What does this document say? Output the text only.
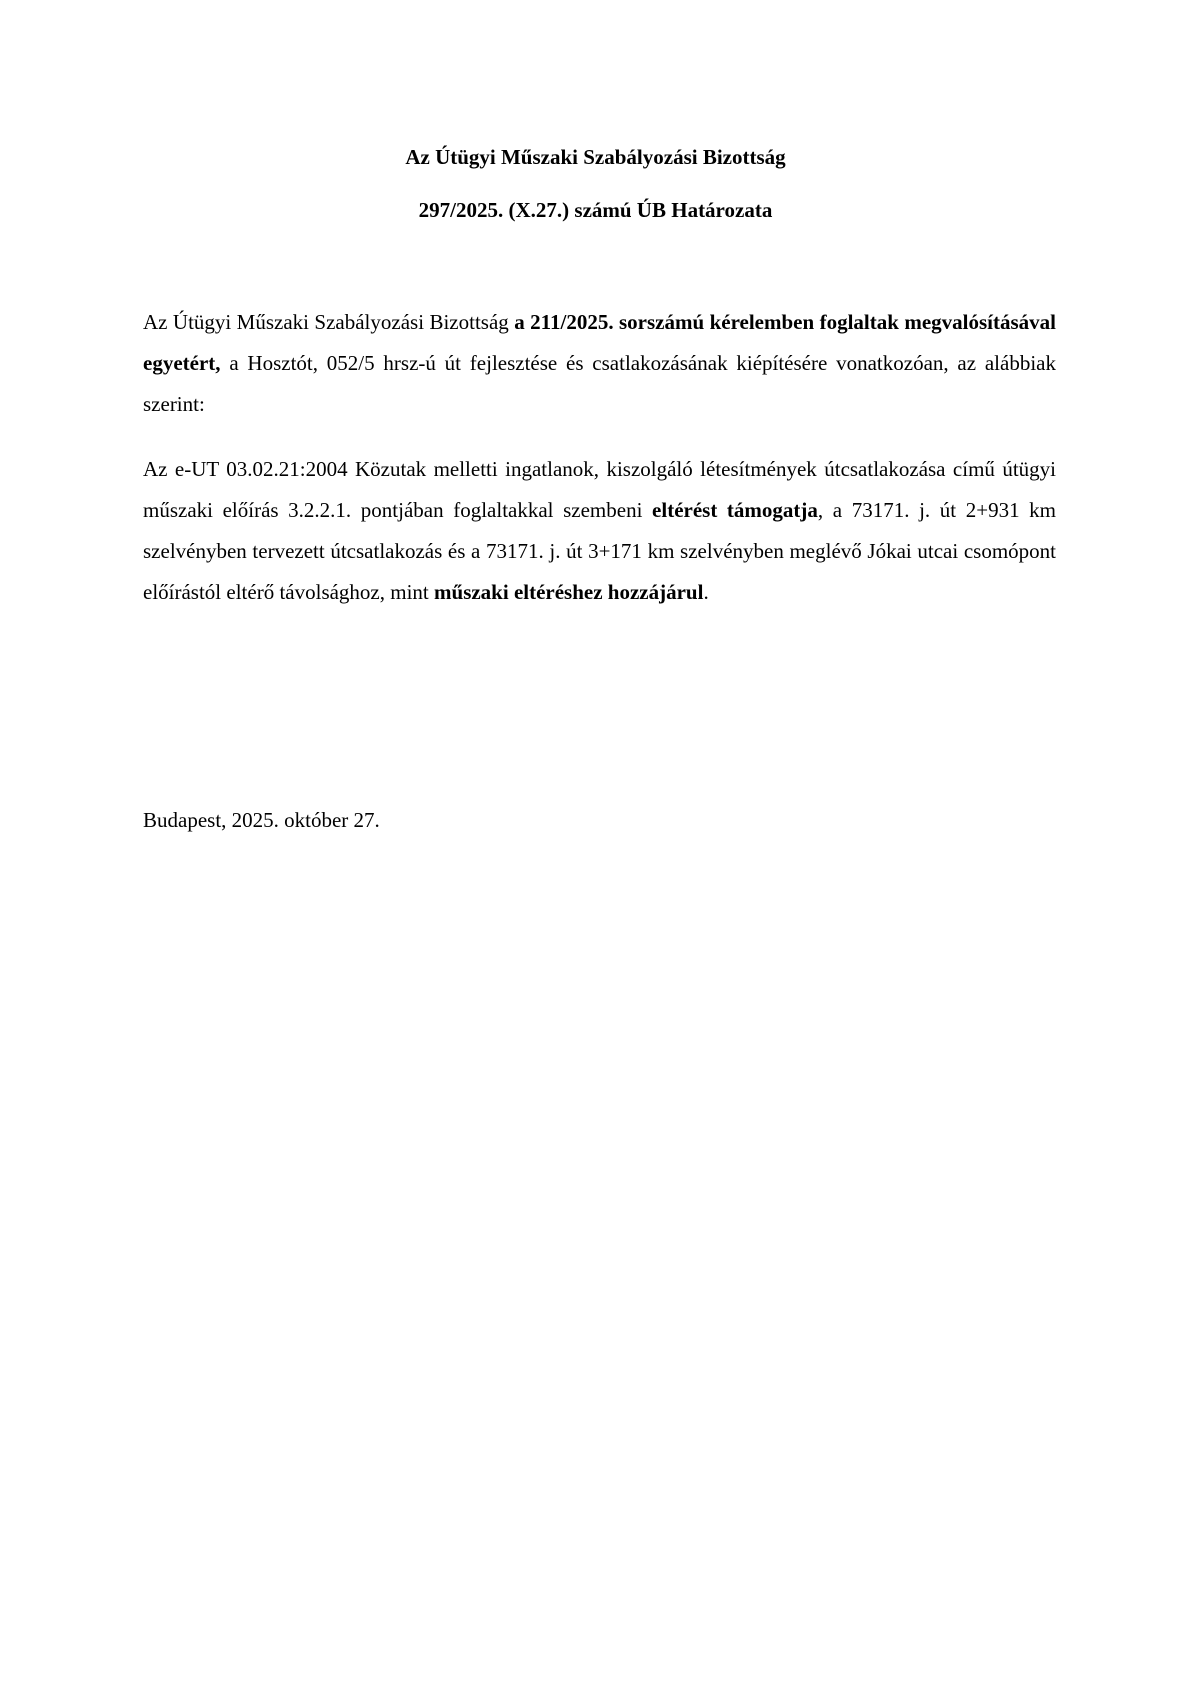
Az Útügyi Műszaki Szabályozási Bizottság
297/2025. (X.27.) számú ÚB Határozata

Az Útügyi Műszaki Szabályozási Bizottság a 211/2025. sorszámú kérelemben foglaltak megvalósításával egyetért, a Hosztót, 052/5 hrsz-ú út fejlesztése és csatlakozásának kiépítésére vonatkozóan, az alábbiak szerint:

Az e-UT 03.02.21:2004 Közutak melletti ingatlanok, kiszolgáló létesítmények útcsatlakozása című útügyi műszaki előírás 3.2.2.1. pontjában foglaltakkal szembeni eltérést támogatja, a 73171. j. út 2+931 km szelvényben tervezett útcsatlakozás és a 73171. j. út 3+171 km szelvényben meglévő Jókai utcai csomópont előírástól eltérő távolsághoz, mint műszaki eltéréshez hozzájárul.

Budapest, 2025. október 27.
